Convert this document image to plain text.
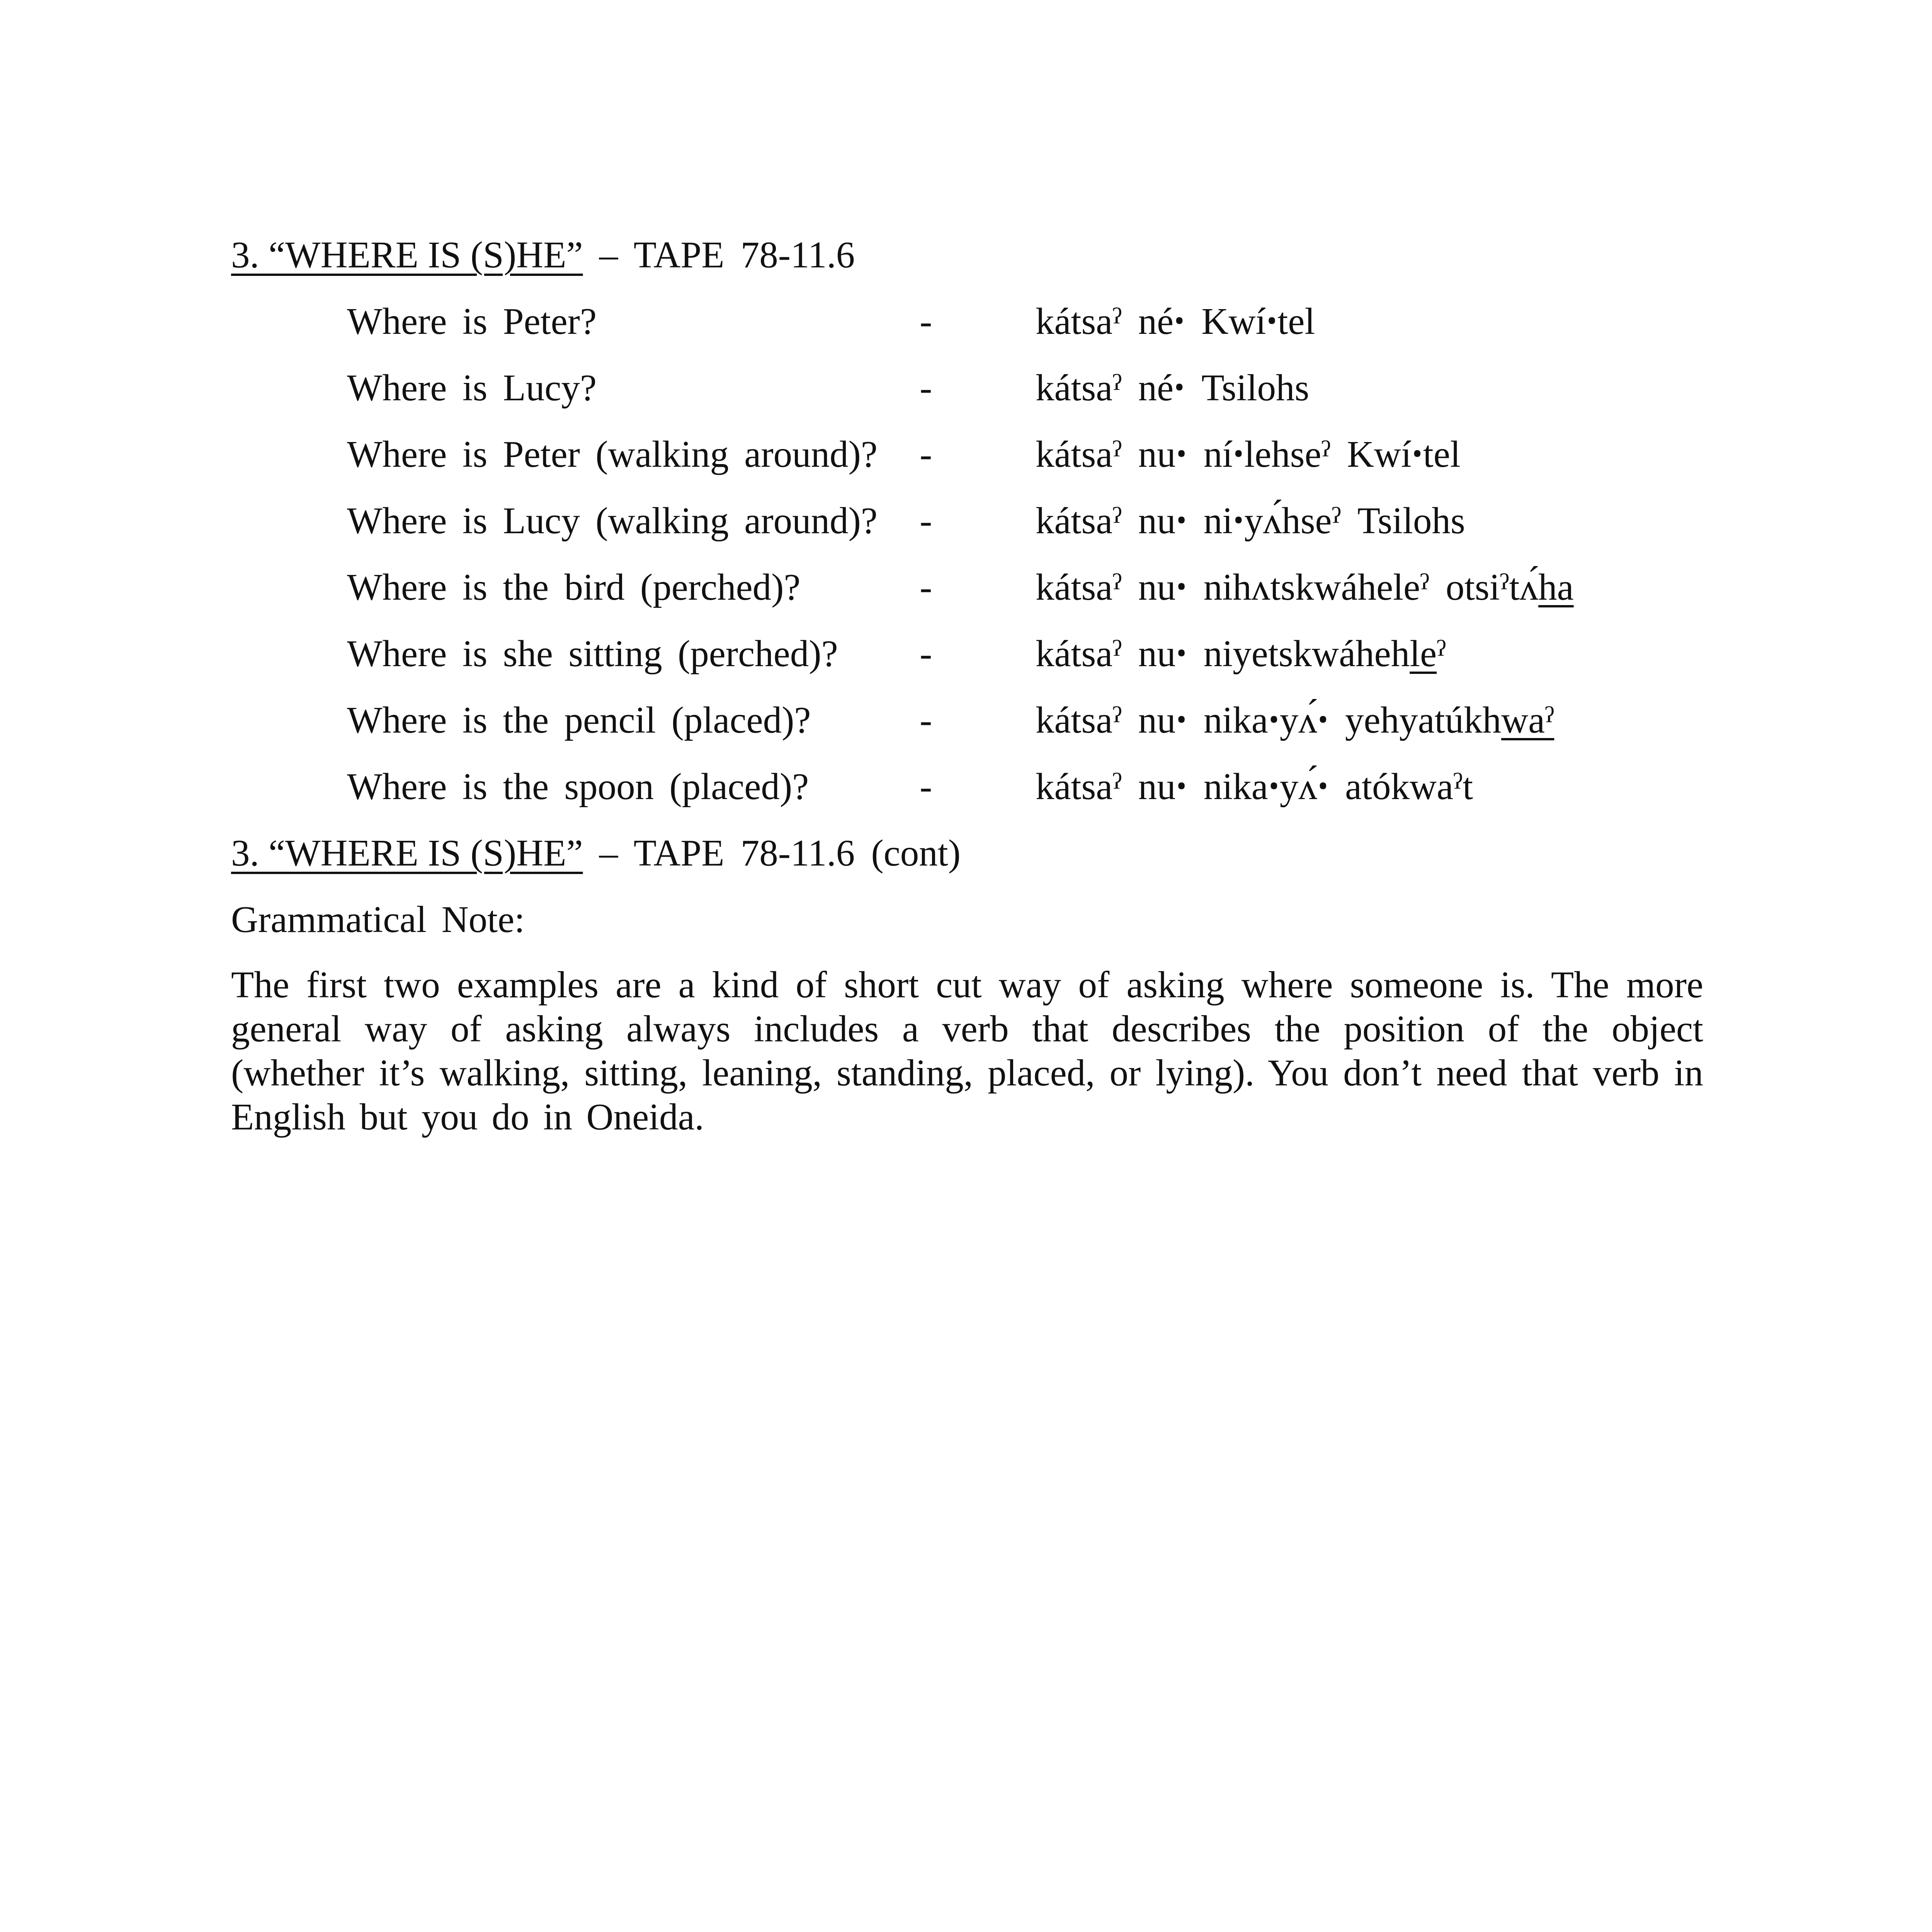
3. “WHERE IS (S)HE” – TAPE 78-11.6
Where is Peter?	-	kátsaˀ néꞏ Kwíꞏtel
Where is Lucy?	-	kátsaˀ néꞏ Tsilohs
Where is Peter (walking around)? -	kátsaˀ nuꞏ níꞏlehseˀ Kwíꞏtel
Where is Lucy (walking around)? -	kátsaˀ nuꞏ niꞏyʌ́hseˀ Tsilohs
Where is the bird (perched)?	-	kátsaˀ nuꞏ nihʌtskwáheleˀ otsiˀtʌ́ha
Where is she sitting (perched)? -	kátsaˀ nuꞏ niyetskwáhehleˀ
Where is the pencil (placed)?	-	kátsaˀ nuꞏ nikaꞏyʌ́ꞏ yehyatúkhwaˀ
Where is the spoon (placed)?	-	kátsaˀ nuꞏ nikaꞏyʌ́ꞏ atókwaˀt
3. “WHERE IS (S)HE” – TAPE 78-11.6 (cont)
Grammatical Note:
The first two examples are a kind of short cut way of asking where someone is. The more general way of asking always includes a verb that describes the position of the object (whether it’s walking, sitting, leaning, standing, placed, or lying). You don’t need that verb in English but you do in Oneida.
